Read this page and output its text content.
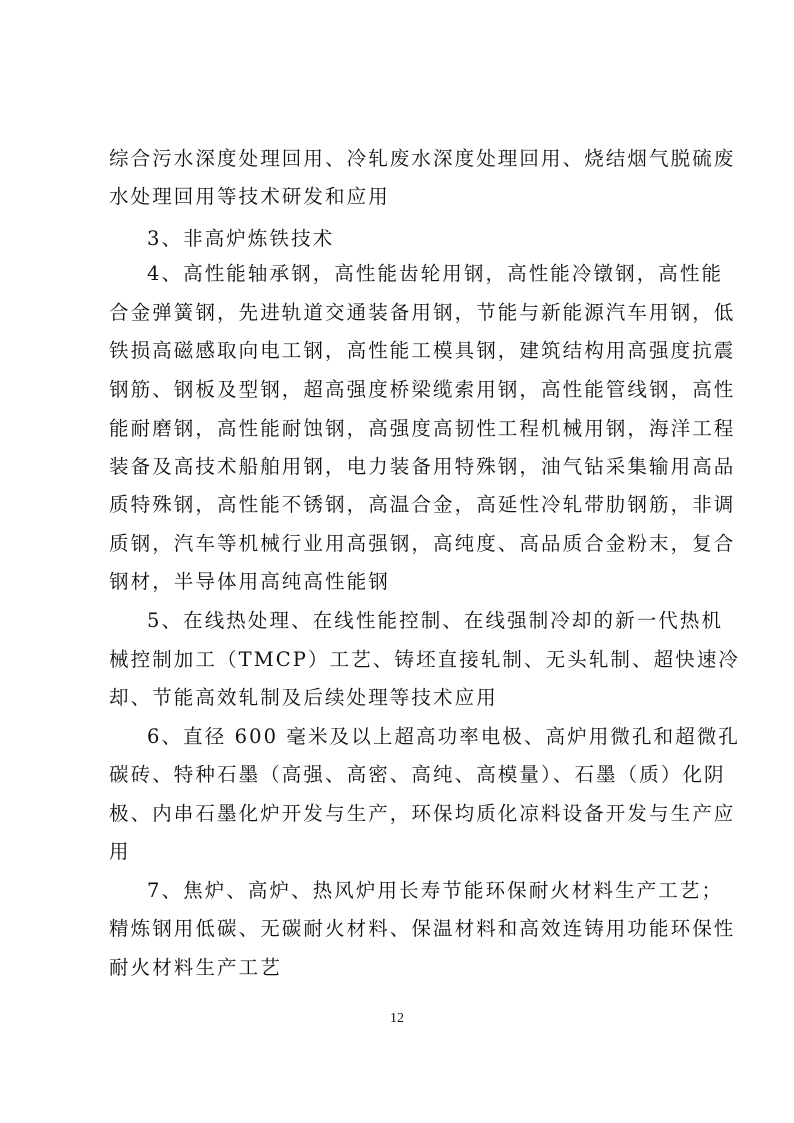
综合污水深度处理回用、冷轧废水深度处理回用、烧结烟气脱硫废
水处理回用等技术研发和应用
3、非高炉炼铁技术
4、高性能轴承钢，高性能齿轮用钢，高性能冷镦钢，高性能
合金弹簧钢，先进轨道交通装备用钢，节能与新能源汽车用钢，低
铁损高磁感取向电工钢，高性能工模具钢，建筑结构用高强度抗震
钢筋、钢板及型钢，超高强度桥梁缆索用钢，高性能管线钢，高性
能耐磨钢，高性能耐蚀钢，高强度高韧性工程机械用钢，海洋工程
装备及高技术船舶用钢，电力装备用特殊钢，油气钻采集输用高品
质特殊钢，高性能不锈钢，高温合金，高延性冷轧带肋钢筋，非调
质钢，汽车等机械行业用高强钢，高纯度、高品质合金粉末，复合
钢材，半导体用高纯高性能钢
5、在线热处理、在线性能控制、在线强制冷却的新一代热机
械控制加工（TMCP）工艺、铸坯直接轧制、无头轧制、超快速冷
却、节能高效轧制及后续处理等技术应用
6、直径 600 毫米及以上超高功率电极、高炉用微孔和超微孔
碳砖、特种石墨（高强、高密、高纯、高模量）、石墨（质）化阴
极、内串石墨化炉开发与生产，环保均质化凉料设备开发与生产应
用
7、焦炉、高炉、热风炉用长寿节能环保耐火材料生产工艺；
精炼钢用低碳、无碳耐火材料、保温材料和高效连铸用功能环保性
耐火材料生产工艺
12
